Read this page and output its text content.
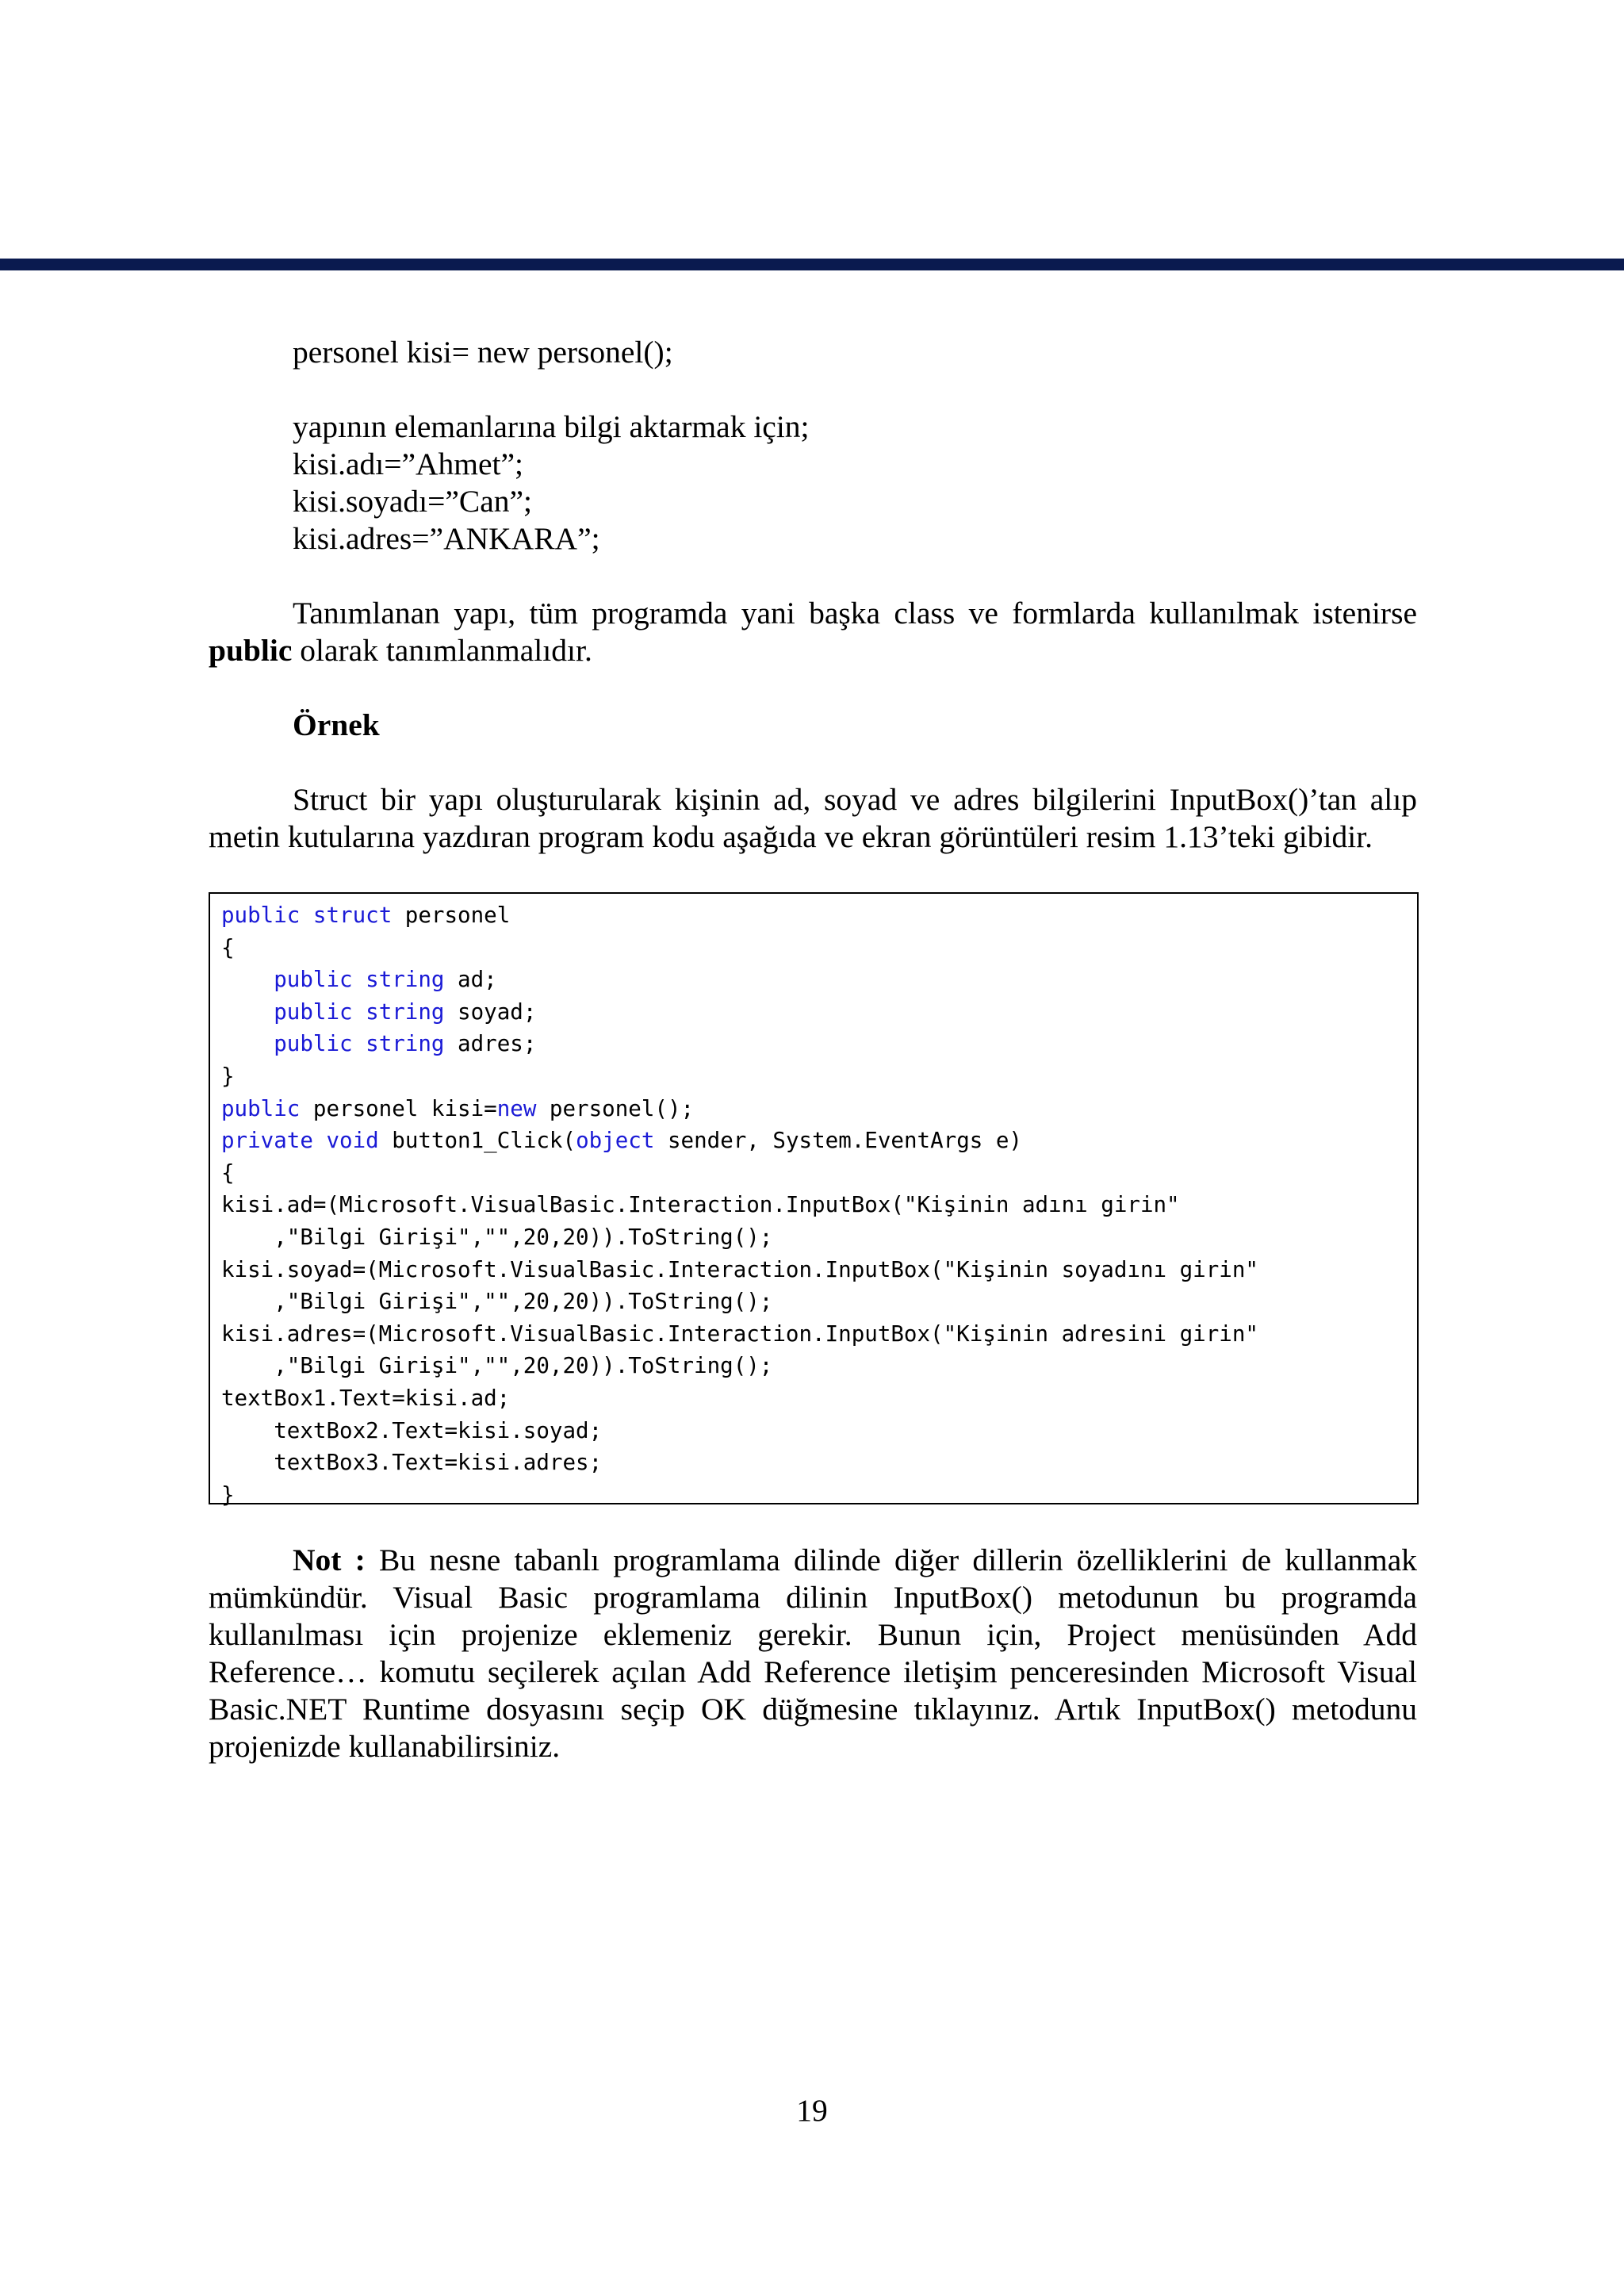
personel kisi= new personel();
yapının elemanlarına bilgi aktarmak için;
kisi.adı=”Ahmet”;
kisi.soyadı=”Can”;
kisi.adres=”ANKARA”;

Tanımlanan yapı, tüm programda yani başka class ve formlarda kullanılmak istenirse public olarak tanımlanmalıdır.

Örnek

Struct bir yapı oluşturularak kişinin ad, soyad ve adres bilgilerini InputBox()’tan alıp metin kutularına yazdıran program kodu aşağıda ve ekran görüntüleri resim 1.13’teki gibidir.

public struct personel
{
public string ad;
public string soyad;
public string adres;
}
public personel kisi=new personel();
private void button1_Click(object sender, System.EventArgs e)
{
kisi.ad=(Microsoft.VisualBasic.Interaction.InputBox("Kişinin adını girin"
,"Bilgi Girişi","",20,20)).ToString();
kisi.soyad=(Microsoft.VisualBasic.Interaction.InputBox("Kişinin soyadını girin"
,"Bilgi Girişi","",20,20)).ToString();
kisi.adres=(Microsoft.VisualBasic.Interaction.InputBox("Kişinin adresini girin"
,"Bilgi Girişi","",20,20)).ToString();
textBox1.Text=kisi.ad;
textBox2.Text=kisi.soyad;
textBox3.Text=kisi.adres;
}

Not : Bu nesne tabanlı programlama dilinde diğer dillerin özelliklerini de kullanmak mümkündür. Visual Basic programlama dilinin InputBox() metodunun bu programda kullanılması için projenize eklemeniz gerekir. Bunun için, Project menüsünden Add Reference… komutu seçilerek açılan Add Reference iletişim penceresinden Microsoft Visual Basic.NET Runtime dosyasını seçip OK düğmesine tıklayınız. Artık InputBox() metodunu projenizde kullanabilirsiniz.

19
